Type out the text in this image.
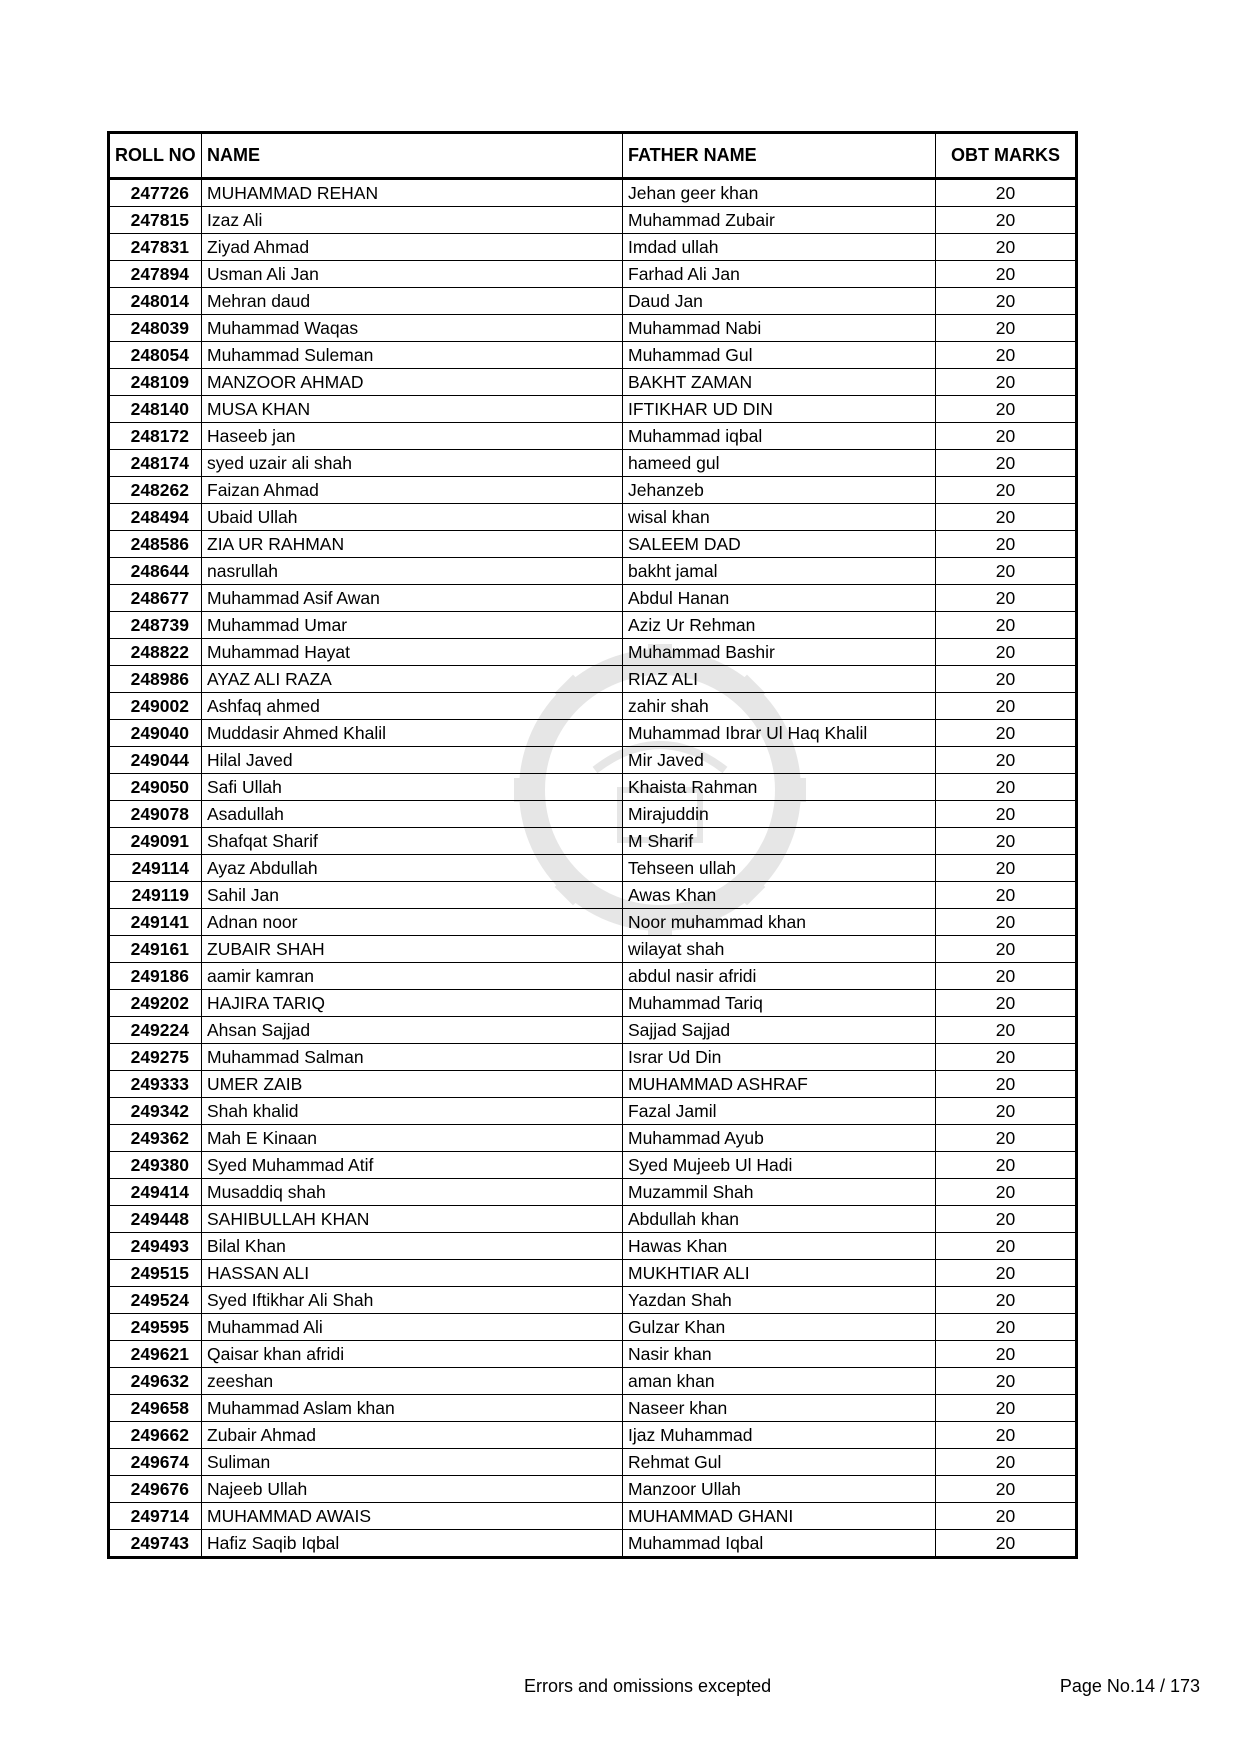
ROLL NO	NAME	FATHER NAME	OBT MARKS
247726	MUHAMMAD REHAN	Jehan geer khan	20
247815	Izaz Ali	Muhammad Zubair	20
247831	Ziyad Ahmad	Imdad ullah	20
247894	Usman Ali Jan	Farhad Ali Jan	20
248014	Mehran daud	Daud Jan	20
248039	Muhammad Waqas	Muhammad Nabi	20
248054	Muhammad Suleman	Muhammad Gul	20
248109	MANZOOR AHMAD	BAKHT ZAMAN	20
248140	MUSA KHAN	IFTIKHAR UD DIN	20
248172	Haseeb jan	Muhammad iqbal	20
248174	syed uzair ali shah	hameed gul	20
248262	Faizan Ahmad	Jehanzeb	20
248494	Ubaid Ullah	wisal khan	20
248586	ZIA UR RAHMAN	SALEEM DAD	20
248644	nasrullah	bakht jamal	20
248677	Muhammad Asif Awan	Abdul Hanan	20
248739	Muhammad Umar	Aziz Ur Rehman	20
248822	Muhammad Hayat	Muhammad Bashir	20
248986	AYAZ ALI RAZA	RIAZ ALI	20
249002	Ashfaq ahmed	zahir shah	20
249040	Muddasir Ahmed Khalil	Muhammad Ibrar Ul Haq Khalil	20
249044	Hilal Javed	Mir Javed	20
249050	Safi Ullah	Khaista Rahman	20
249078	Asadullah	Mirajuddin	20
249091	Shafqat Sharif	M Sharif	20
249114	Ayaz Abdullah	Tehseen ullah	20
249119	Sahil Jan	Awas Khan	20
249141	Adnan noor	Noor muhammad khan	20
249161	ZUBAIR SHAH	wilayat shah	20
249186	aamir kamran	abdul nasir afridi	20
249202	HAJIRA TARIQ	Muhammad Tariq	20
249224	Ahsan Sajjad	Sajjad Sajjad	20
249275	Muhammad Salman	Israr Ud Din	20
249333	UMER ZAIB	MUHAMMAD ASHRAF	20
249342	Shah khalid	Fazal Jamil	20
249362	Mah E Kinaan	Muhammad Ayub	20
249380	Syed Muhammad Atif	Syed Mujeeb Ul Hadi	20
249414	Musaddiq shah	Muzammil Shah	20
249448	SAHIBULLAH KHAN	Abdullah khan	20
249493	Bilal Khan	Hawas Khan	20
249515	HASSAN ALI	MUKHTIAR ALI	20
249524	Syed Iftikhar Ali Shah	Yazdan Shah	20
249595	Muhammad Ali	Gulzar Khan	20
249621	Qaisar khan afridi	Nasir khan	20
249632	zeeshan	aman khan	20
249658	Muhammad Aslam khan	Naseer khan	20
249662	Zubair Ahmad	Ijaz Muhammad	20
249674	Suliman	Rehmat Gul	20
249676	Najeeb Ullah	Manzoor Ullah	20
249714	MUHAMMAD AWAIS	MUHAMMAD GHANI	20
249743	Hafiz Saqib Iqbal	Muhammad Iqbal	20
Errors and omissions excepted	Page No.14 / 173
